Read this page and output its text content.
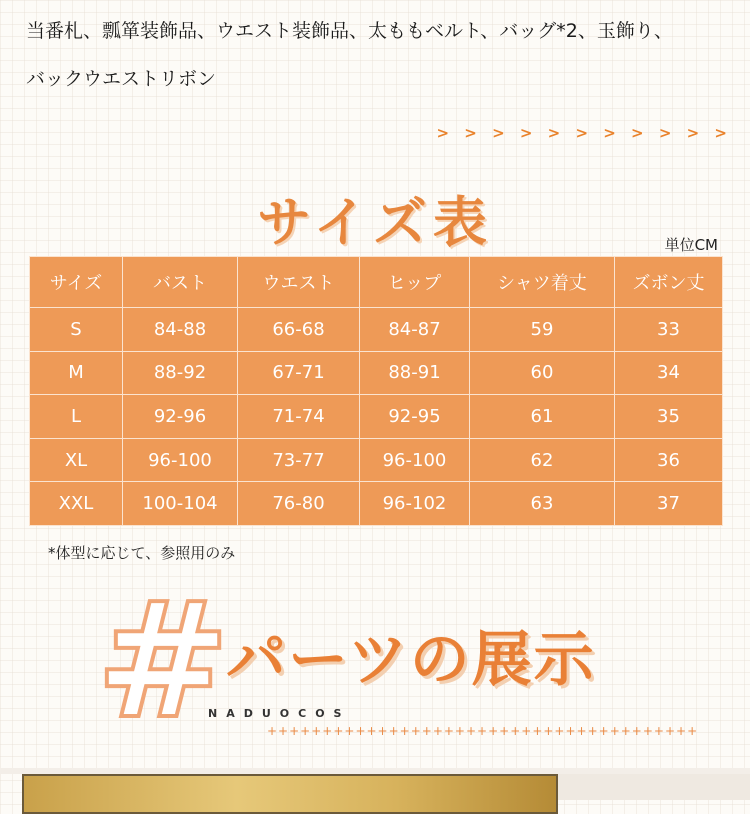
当番札、瓢箪装飾品、ウエスト装飾品、太ももベルト、バッグ*2、玉飾り、
バックウエストリボン
> > > > > > > > > > >
サイズ表	単位CM
サイズ	バスト	ウエスト	ヒップ	シャツ着丈	ズボン丈
S	84-88	66-68	84-87	59	33
M	88-92	67-71	88-91	60	34
L	92-96	71-74	92-95	61	35
XL	96-100	73-77	96-100	62	36
XXL	100-104	76-80	96-102	63	37
*体型に応じて、参照用のみ
#
パーツの展示
NADUOCOS
+++++++++++++++++++++++++++++++++++++++
